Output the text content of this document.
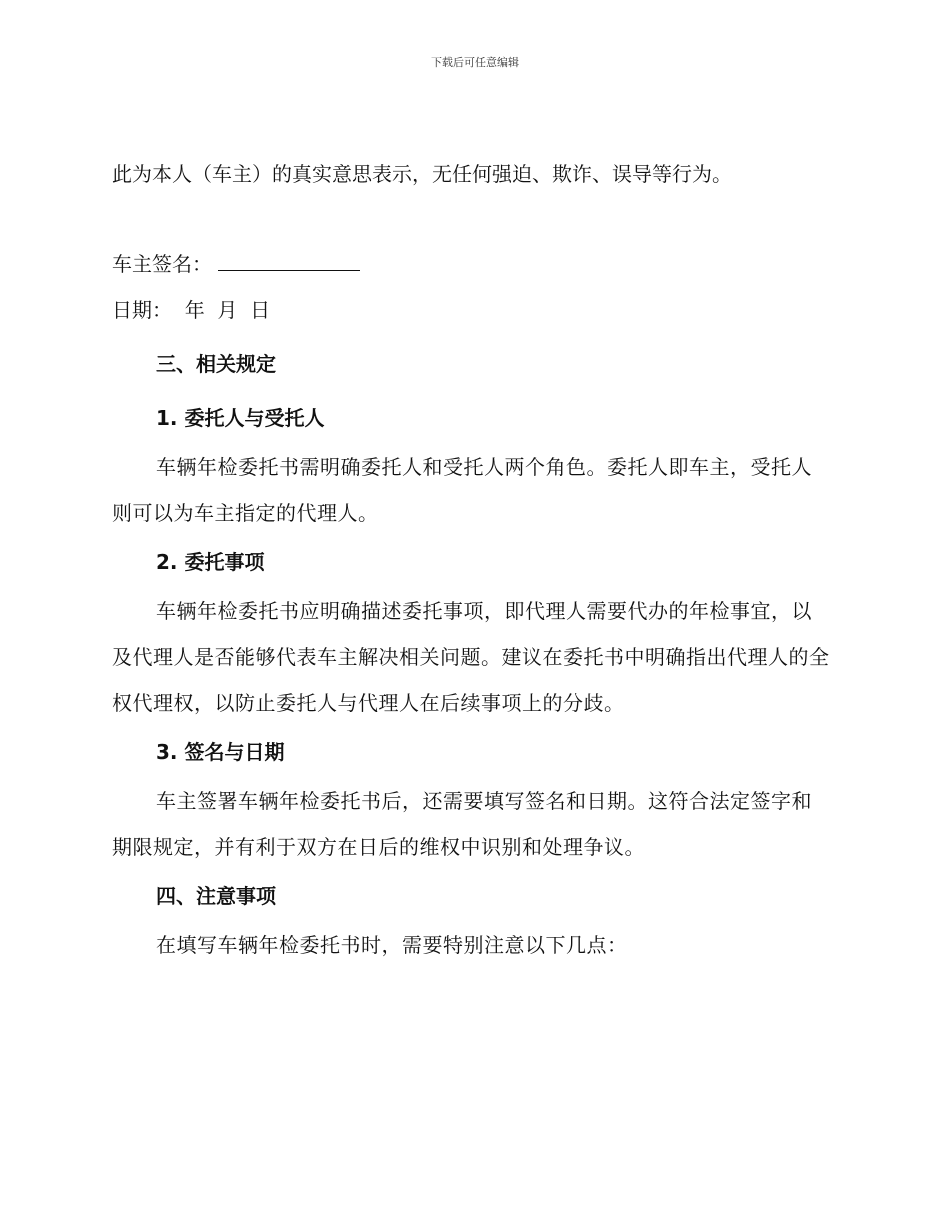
下载后可任意编辑
此为本人（车主）的真实意思表示，无任何强迫、欺诈、误导等行为。
车主签名：
日期：  年  月  日
三、相关规定
1. 委托人与受托人

车辆年检委托书需明确委托人和受托人两个角色。委托人即车主，受托人则可以为车主指定的代理人。

2. 委托事项

车辆年检委托书应明确描述委托事项，即代理人需要代办的年检事宜，以及代理人是否能够代表车主解决相关问题。建议在委托书中明确指出代理人的全权代理权，以防止委托人与代理人在后续事项上的分歧。

3. 签名与日期

车主签署车辆年检委托书后，还需要填写签名和日期。这符合法定签字和期限规定，并有利于双方在日后的维权中识别和处理争议。

四、注意事项

在填写车辆年检委托书时，需要特别注意以下几点：
